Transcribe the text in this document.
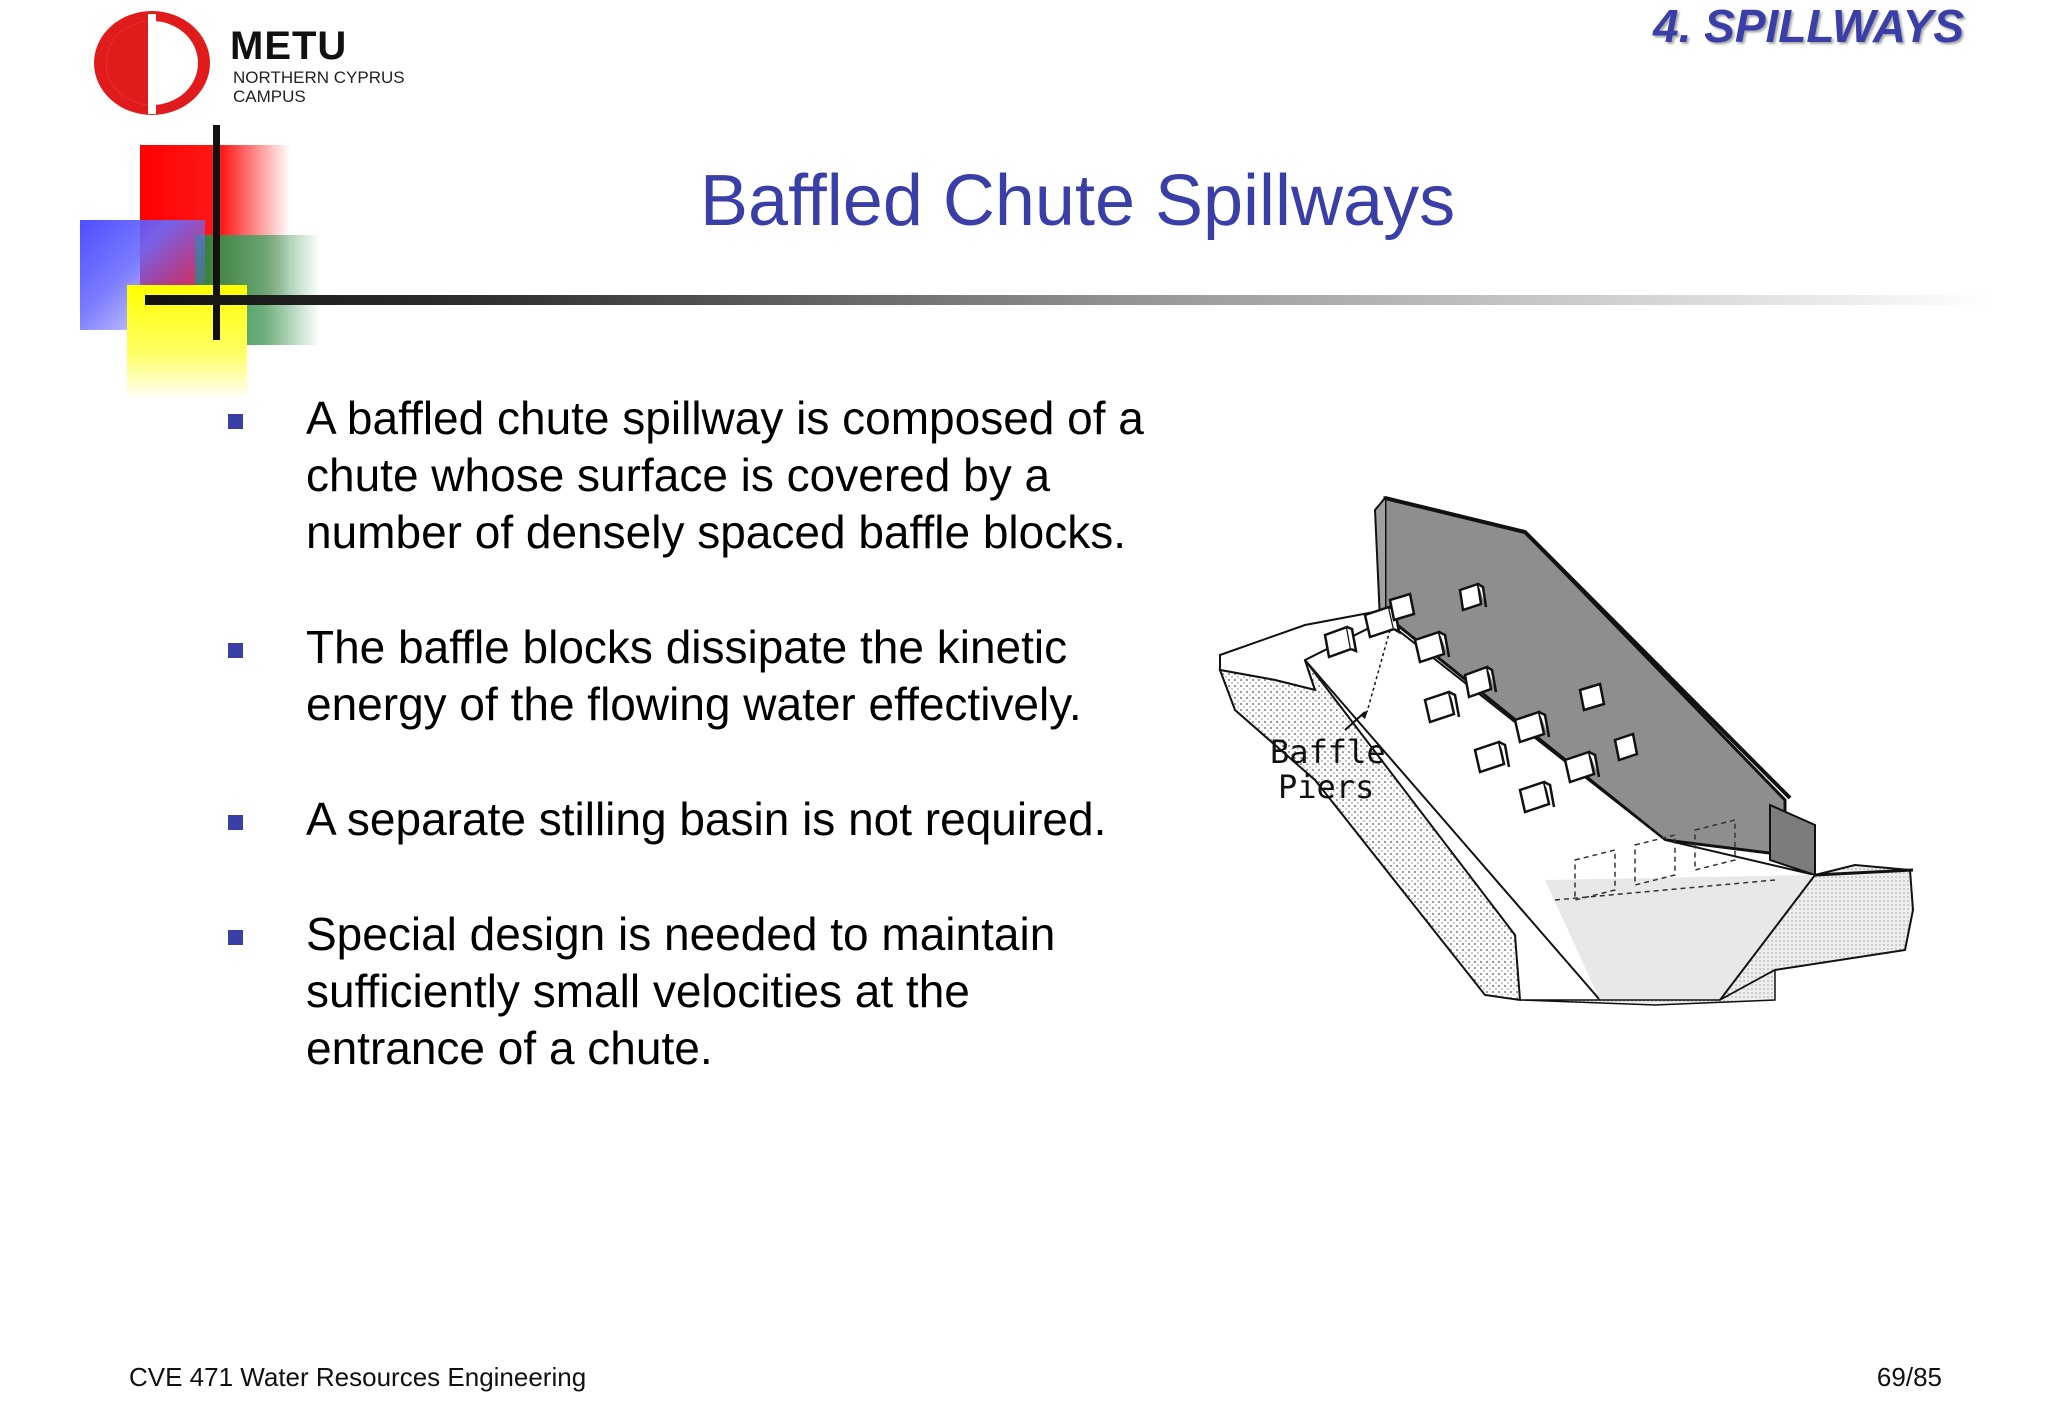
METU
NORTHERN CYPRUS
CAMPUS
4. SPILLWAYS
Baffled Chute Spillways
A baffled chute spillway is composed of a
chute whose surface is covered by a
number of densely spaced baffle blocks.
The baffle blocks dissipate the kinetic
energy of the flowing water effectively.
A separate stilling basin is not required.
Special design is needed to maintain
sufficiently small velocities at the
entrance of a chute.
Baffle
Piers
CVE 471 Water Resources Engineering	69/85
